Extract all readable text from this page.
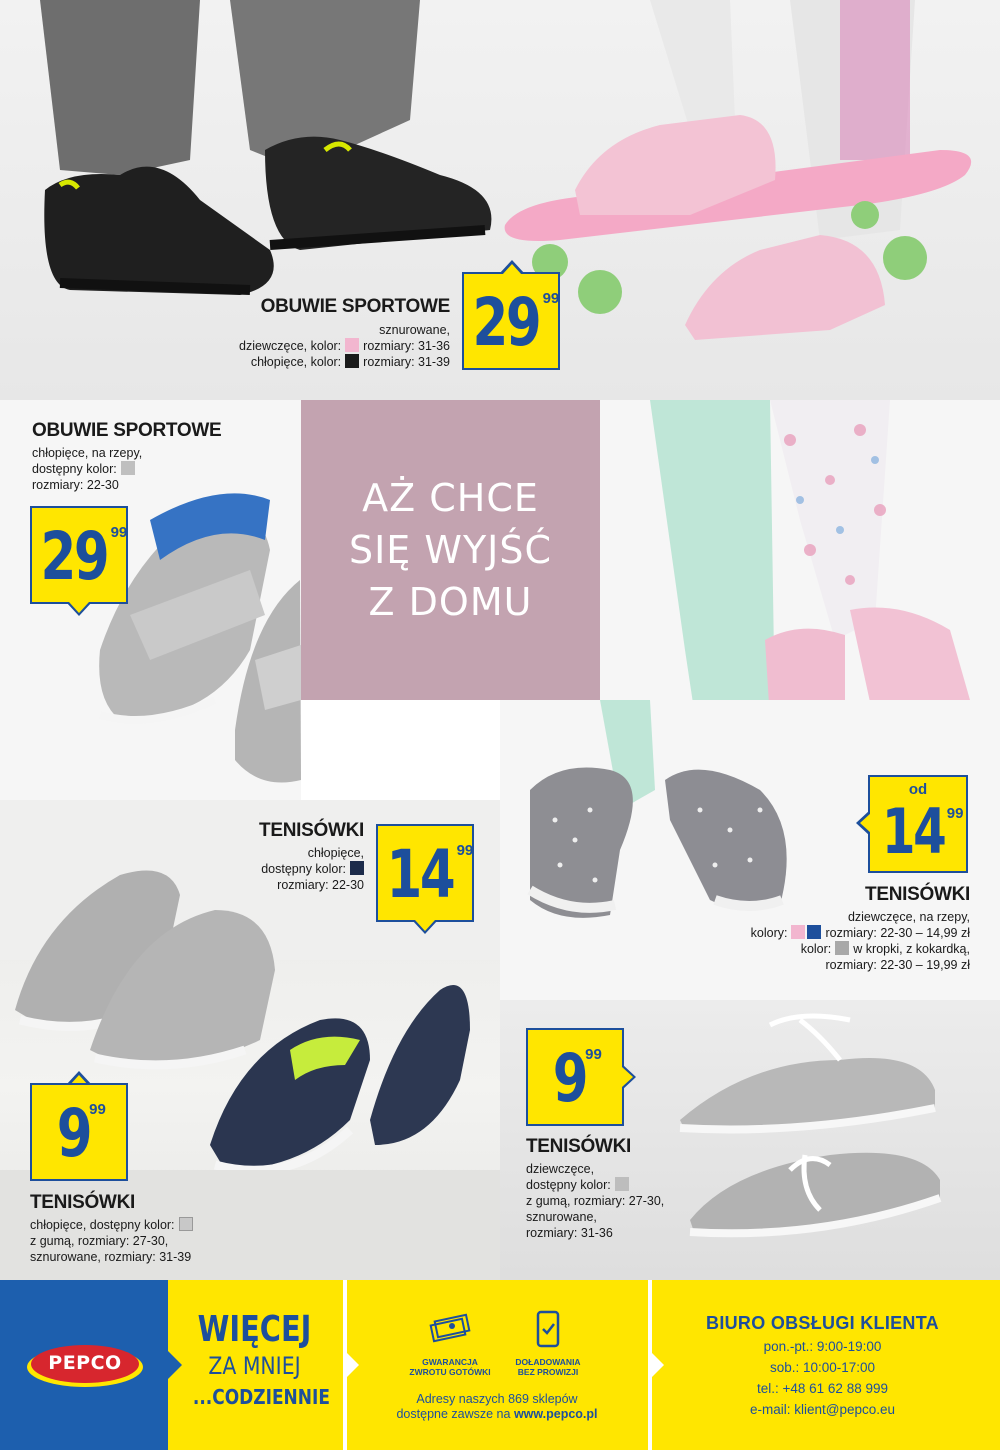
AŻ CHCE
SIĘ WYJŚĆ
Z DOMU
OBUWIE SPORTOWE
sznurowane,
dziewczęce, kolor: rozmiary: 31-36
chłopięce, kolor: rozmiary: 31-39
29 99
OBUWIE SPORTOWE
chłopięce, na rzepy,
dostępny kolor:
rozmiary: 22-30
29 99
od
14 99
TENISÓWKI
dziewczęce, na rzepy,
kolory:	rozmiary: 22-30 – 14,99 zł
kolor: w kropki, z kokardką,
rozmiary: 22-30 – 19,99 zł
TENISÓWKI
chłopięce,
dostępny kolor:
rozmiary: 22-30 14 99
9
99
TENISÓWKI
chłopięce, dostępny kolor:
z gumą, rozmiary: 27-30,
sznurowane, rozmiary: 31-39
9
99
TENISÓWKI
dziewczęce,
dostępny kolor:
z gumą, rozmiary: 27-30,
sznurowane,
rozmiary: 31-36
PEPCO
WIĘCEJ
ZA MNIEJ
...CODZIENNIE
GWARANCJA
ZWROTU GOTÓWKI
DOŁADOWANIA
BEZ PROWIZJI
Adresy naszych 869 sklepów
dostępne zawsze na www.pepco.pl
BIURO OBSŁUGI KLIENTA
pon.-pt.: 9:00-19:00
sob.: 10:00-17:00
tel.: +48 61 62 88 999
e-mail: klient@pepco.eu
